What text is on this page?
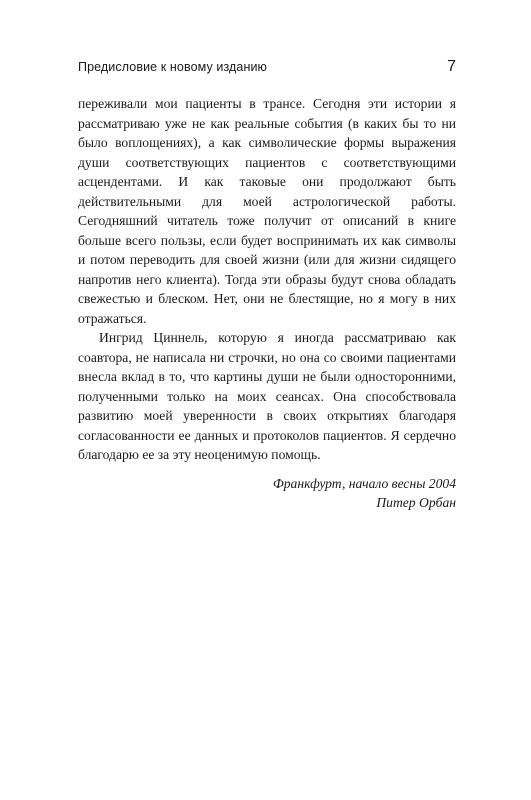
Предисловие к новому изданию	7

переживали мои пациенты в трансе. Сегодня эти истории я рассматриваю уже не как реальные события (в каких бы то ни было воплощениях), а как символические формы выражения души соответствующих пациентов с соответствующими асцендентами. И как таковые они продолжают быть действительными для моей астрологической работы. Сегодняшний читатель тоже получит от описаний в книге больше всего пользы, если будет воспринимать их как символы и потом переводить для своей жизни (или для жизни сидящего напротив него клиента). Тогда эти образы будут снова обладать свежестью и блеском. Нет, они не блестящие, но я могу в них отражаться.

Ингрид Циннель, которую я иногда рассматриваю как соавтора, не написала ни строчки, но она со своими пациентами внесла вклад в то, что картины души не были односторонними, полученными только на моих сеансах. Она способствовала развитию моей уверенности в своих открытиях благодаря согласованности ее данных и протоколов пациентов. Я сердечно благодарю ее за эту неоценимую помощь.

Франкфурт, начало весны 2004
Питер Орбан
